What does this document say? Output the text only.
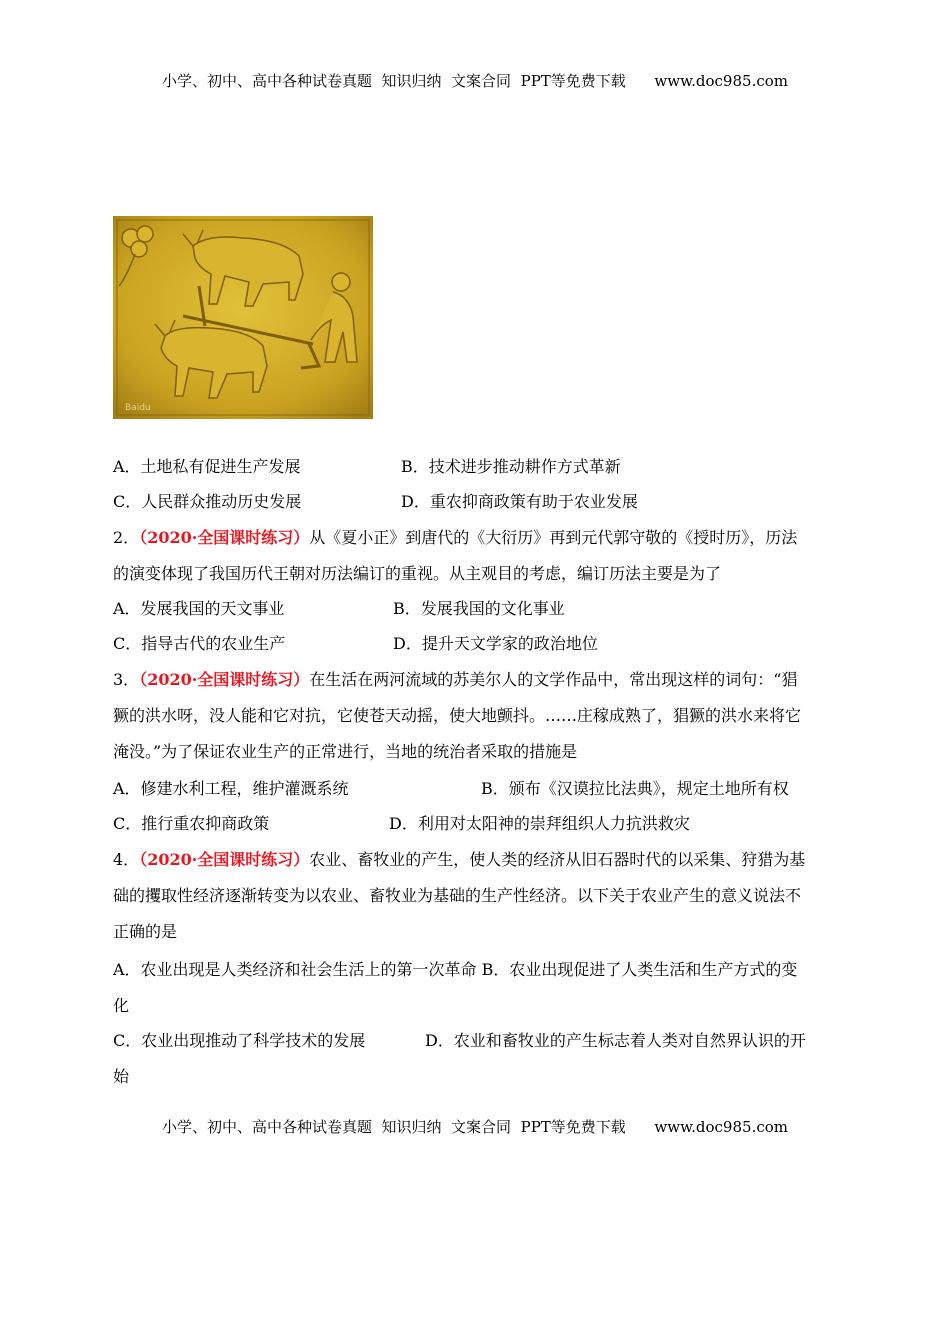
小学、初中、高中各种试卷真题  知识归纳  文案合同  PPT等免费下载      www.doc985.com
Baidu
A．土地私有促进生产发展	B．技术进步推动耕作方式革新
C．人民群众推动历史发展	D．重农抑商政策有助于农业发展
2．（2020·全国课时练习）从《夏小正》到唐代的《大衍历》再到元代郭守敬的《授时历》，历法
的演变体现了我国历代王朝对历法编订的重视。从主观目的考虑，编订历法主要是为了
A．发展我国的天文事业	B．发展我国的文化事业
C．指导古代的农业生产	D．提升天文学家的政治地位
3．（2020·全国课时练习）在生活在两河流域的苏美尔人的文学作品中，常出现这样的词句：“猖
獗的洪水呀，没人能和它对抗，它使苍天动摇，使大地颤抖。……庄稼成熟了，猖獗的洪水来将它
淹没。”为了保证农业生产的正常进行，当地的统治者采取的措施是
A．修建水利工程，维护灌溉系统	B．颁布《汉谟拉比法典》，规定土地所有权
C．推行重农抑商政策	D．利用对太阳神的崇拜组织人力抗洪救灾
4．（2020·全国课时练习）农业、畜牧业的产生，使人类的经济从旧石器时代的以采集、狩猎为基
础的攫取性经济逐渐转变为以农业、畜牧业为基础的生产性经济。以下关于农业产生的意义说法不
正确的是
A．农业出现是人类经济和社会生活上的第一次革命 B．农业出现促进了人类生活和生产方式的变
化
C．农业出现推动了科学技术的发展	D．农业和畜牧业的产生标志着人类对自然界认识的开
始
小学、初中、高中各种试卷真题  知识归纳  文案合同  PPT等免费下载      www.doc985.com
